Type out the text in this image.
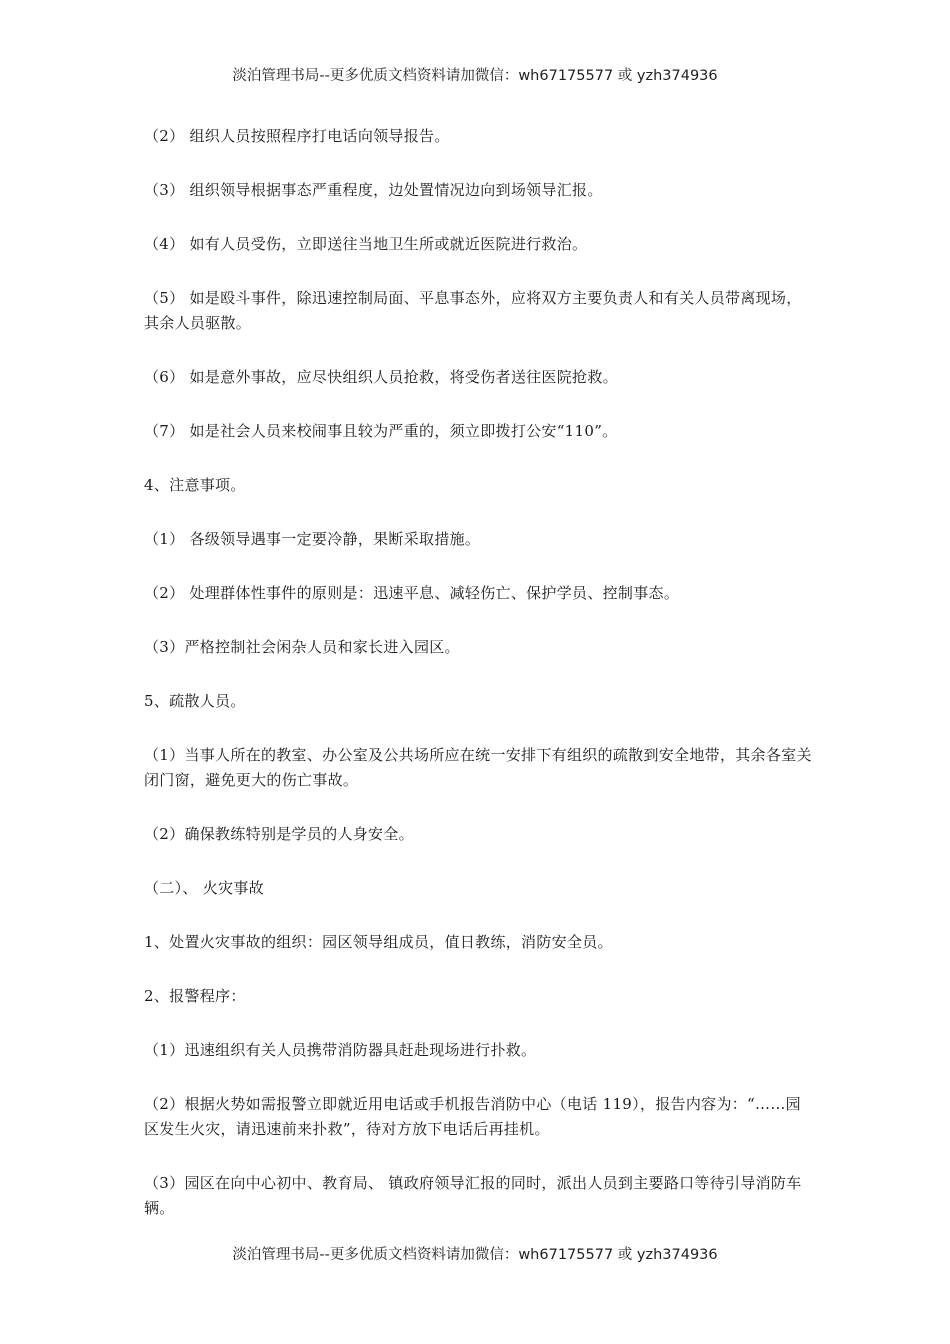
淡泊管理书局--更多优质文档资料请加微信：wh67175577 或 yzh374936

（2） 组织人员按照程序打电话向领导报告。

（3） 组织领导根据事态严重程度，边处置情况边向到场领导汇报。

（4） 如有人员受伤，立即送往当地卫生所或就近医院进行救治。

（5） 如是殴斗事件，除迅速控制局面、平息事态外，应将双方主要负责人和有关人员带离现场，其余人员驱散。

（6） 如是意外事故，应尽快组织人员抢救，将受伤者送往医院抢救。

（7） 如是社会人员来校闹事且较为严重的，须立即拨打公安“110”。

4、注意事项。

（1） 各级领导遇事一定要冷静，果断采取措施。

（2） 处理群体性事件的原则是：迅速平息、减轻伤亡、保护学员、控制事态。

（3）严格控制社会闲杂人员和家长进入园区。

5、疏散人员。

（1）当事人所在的教室、办公室及公共场所应在统一安排下有组织的疏散到安全地带，其余各室关闭门窗，避免更大的伤亡事故。

（2）确保教练特别是学员的人身安全。

（二）、 火灾事故

1、处置火灾事故的组织：园区领导组成员，值日教练，消防安全员。

2、报警程序：

（1）迅速组织有关人员携带消防器具赶赴现场进行扑救。

（2）根据火势如需报警立即就近用电话或手机报告消防中心（电话 119），报告内容为：“……园区发生火灾，请迅速前来扑救”，待对方放下电话后再挂机。

（3）园区在向中心初中、教育局、 镇政府领导汇报的同时，派出人员到主要路口等待引导消防车辆。

淡泊管理书局--更多优质文档资料请加微信：wh67175577 或 yzh374936
